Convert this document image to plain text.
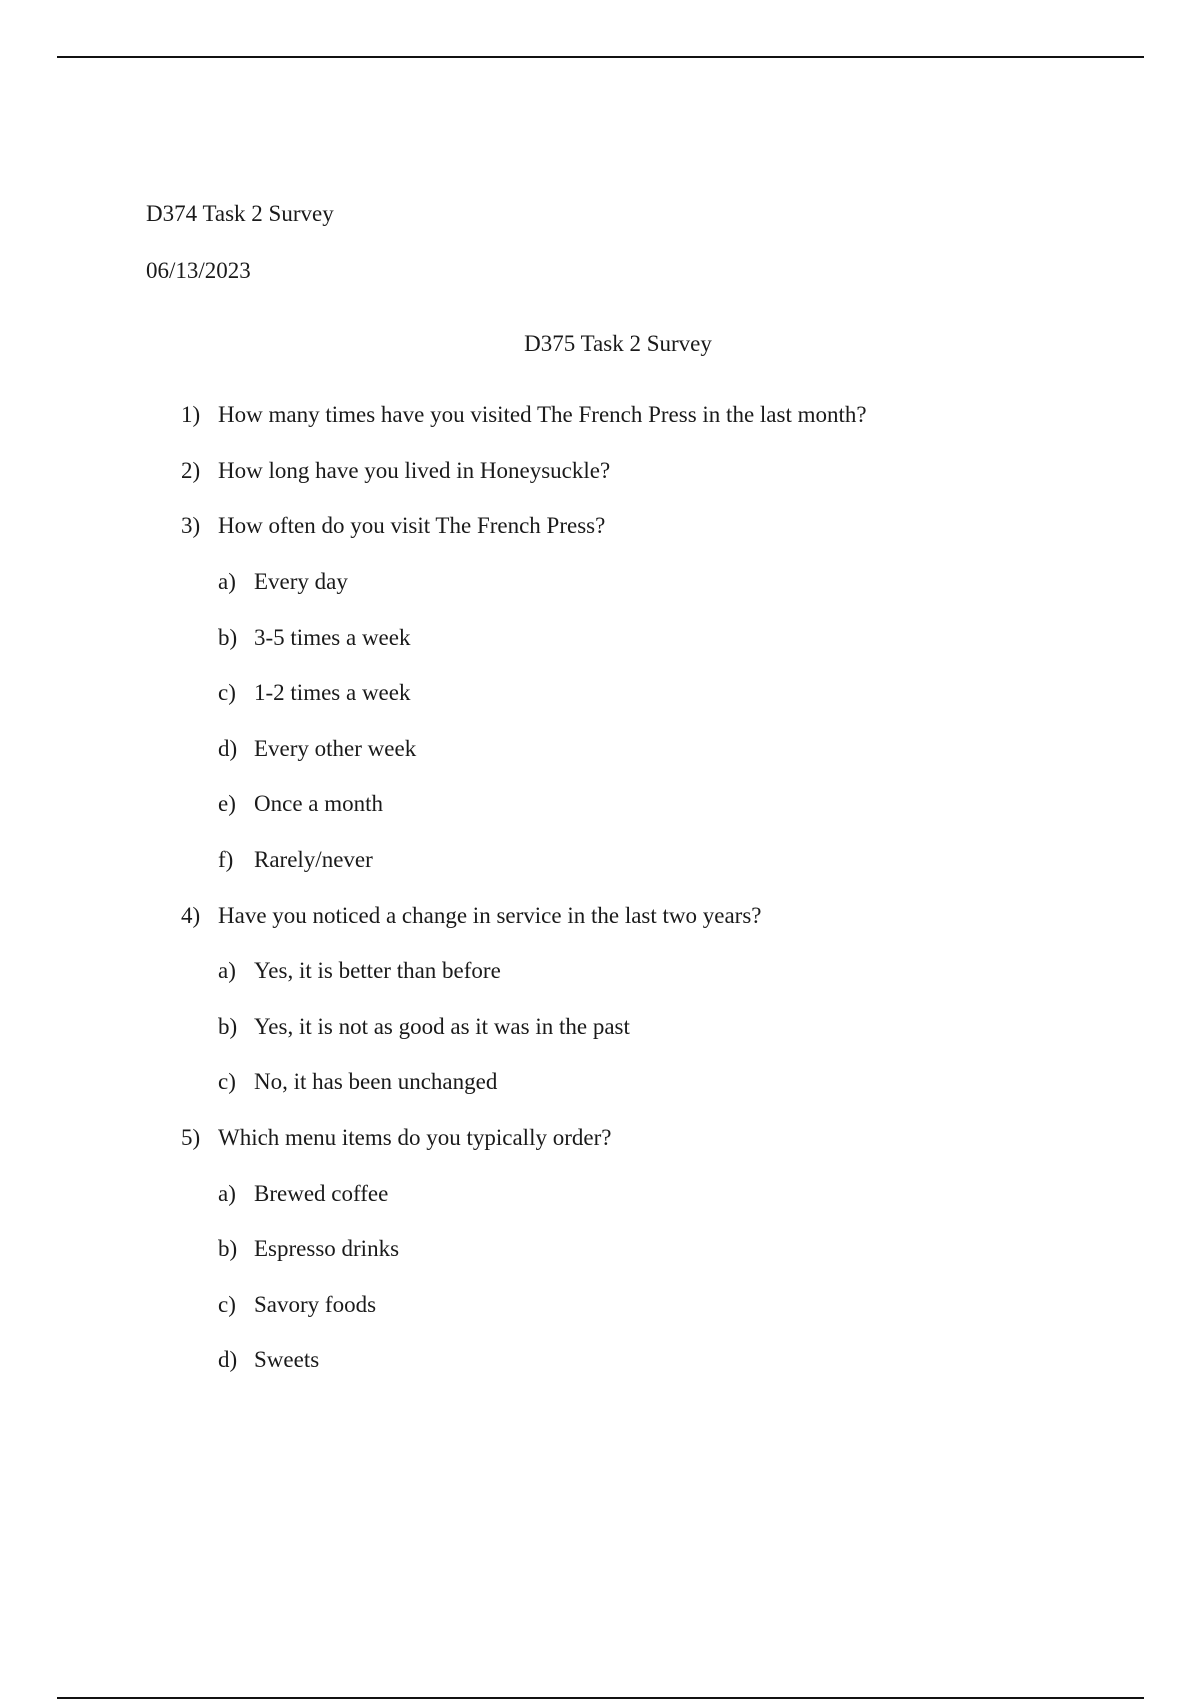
D374 Task 2 Survey
06/13/2023
D375 Task 2 Survey
1) How many times have you visited The French Press in the last month?
2) How long have you lived in Honeysuckle?
3) How often do you visit The French Press?
a) Every day
b) 3-5 times a week
c) 1-2 times a week
d) Every other week
e) Once a month
f) Rarely/never
4) Have you noticed a change in service in the last two years?
a) Yes, it is better than before
b) Yes, it is not as good as it was in the past
c) No, it has been unchanged
5) Which menu items do you typically order?
a) Brewed coffee
b) Espresso drinks
c) Savory foods
d) Sweets
